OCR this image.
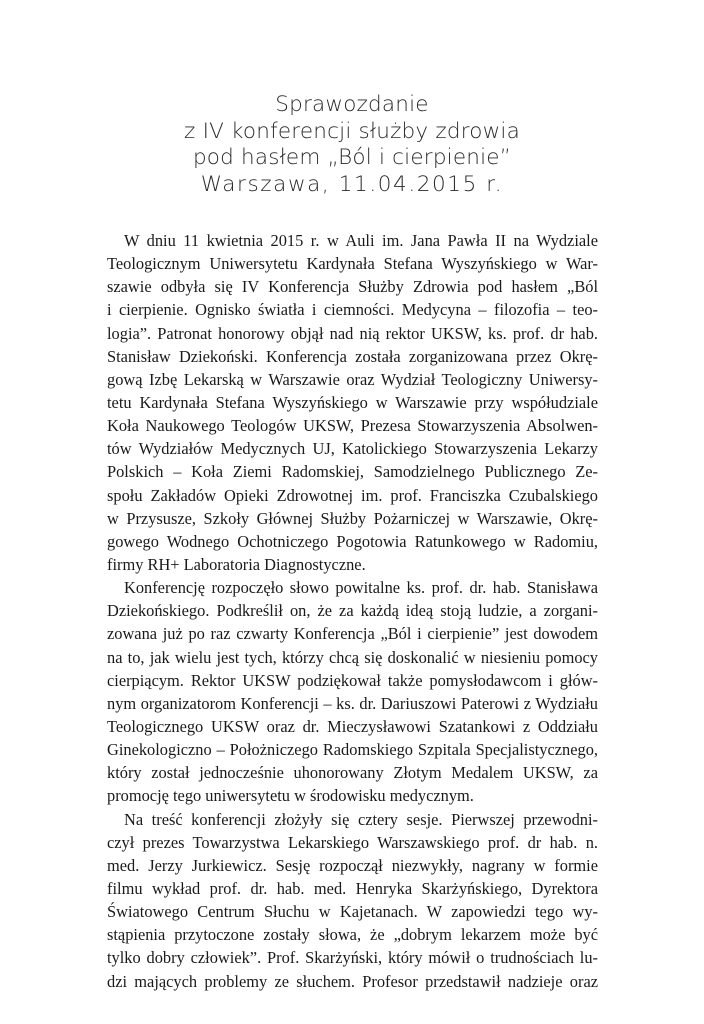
Sprawozdanie
z IV konferencji służby zdrowia
pod hasłem „Ból i cierpienie”
Warszawa, 11.04.2015 r.
W dniu 11 kwietnia 2015 r. w Auli im. Jana Pawła II na Wydziale
Teologicznym Uniwersytetu Kardynała Stefana Wyszyńskiego w War-
szawie odbyła się IV Konferencja Służby Zdrowia pod hasłem „Ból
i cierpienie. Ognisko światła i ciemności. Medycyna – filozofia – teo-
logia”. Patronat honorowy objął nad nią rektor UKSW, ks. prof. dr hab.
Stanisław Dziekoński. Konferencja została zorganizowana przez Okrę-
gową Izbę Lekarską w Warszawie oraz Wydział Teologiczny Uniwersy-
tetu Kardynała Stefana Wyszyńskiego w Warszawie przy współudziale
Koła Naukowego Teologów UKSW, Prezesa Stowarzyszenia Absolwen-
tów Wydziałów Medycznych UJ, Katolickiego Stowarzyszenia Lekarzy
Polskich – Koła Ziemi Radomskiej, Samodzielnego Publicznego Ze-
społu Zakładów Opieki Zdrowotnej im. prof. Franciszka Czubalskiego
w Przysusze, Szkoły Głównej Służby Pożarniczej w Warszawie, Okrę-
gowego Wodnego Ochotniczego Pogotowia Ratunkowego w Radomiu,
firmy RH+ Laboratoria Diagnostyczne.
Konferencję rozpoczęło słowo powitalne ks. prof. dr. hab. Stanisława
Dziekońskiego. Podkreślił on, że za każdą ideą stoją ludzie, a zorgani-
zowana już po raz czwarty Konferencja „Ból i cierpienie” jest dowodem
na to, jak wielu jest tych, którzy chcą się doskonalić w niesieniu pomocy
cierpiącym. Rektor UKSW podziękował także pomysłodawcom i głów-
nym organizatorom Konferencji – ks. dr. Dariuszowi Paterowi z Wydziału
Teologicznego UKSW oraz dr. Mieczysławowi Szatankowi z Oddziału
Ginekologiczno – Położniczego Radomskiego Szpitala Specjalistycznego,
który został jednocześnie uhonorowany Złotym Medalem UKSW, za
promocję tego uniwersytetu w środowisku medycznym.
Na treść konferencji złożyły się cztery sesje. Pierwszej przewodni-
czył prezes Towarzystwa Lekarskiego Warszawskiego prof. dr hab. n.
med. Jerzy Jurkiewicz. Sesję rozpoczął niezwykły, nagrany w formie
filmu wykład prof. dr. hab. med. Henryka Skarżyńskiego, Dyrektora
Światowego Centrum Słuchu w Kajetanach. W zapowiedzi tego wy-
stąpienia przytoczone zostały słowa, że „dobrym lekarzem może być
tylko dobry człowiek”. Prof. Skarżyński, który mówił o trudnościach lu-
dzi mających problemy ze słuchem. Profesor przedstawił nadzieje oraz
